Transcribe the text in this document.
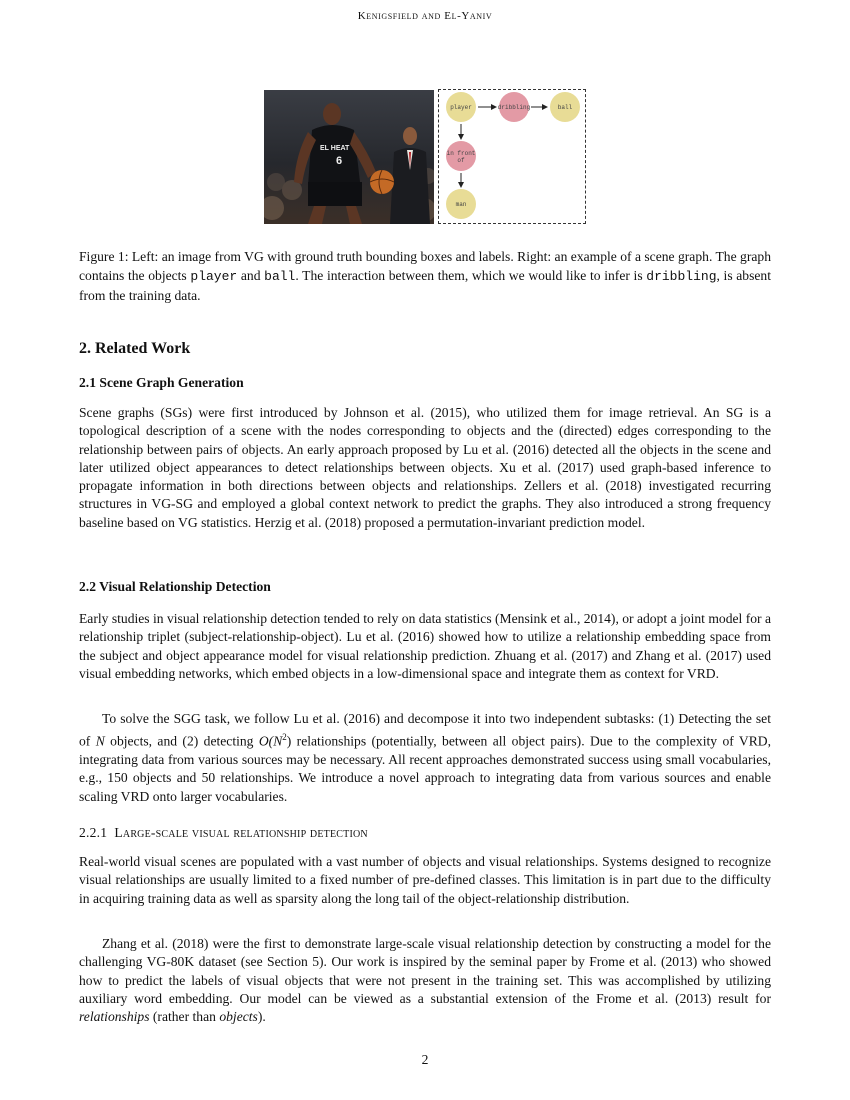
Kenigsfield and El-Yaniv
EL HEAT
6
player	dribbling	ball
in front
of
man
Figure 1: Left: an image from VG with ground truth bounding boxes and labels. Right: an example of a scene graph. The graph contains the objects player and ball. The interaction between them, which we would like to infer is dribbling, is absent from the training data.
2. Related Work
2.1 Scene Graph Generation

Scene graphs (SGs) were first introduced by Johnson et al. (2015), who utilized them for image retrieval. An SG is a topological description of a scene with the nodes corresponding to objects and the (directed) edges corresponding to the relationship between pairs of objects. An early approach proposed by Lu et al. (2016) detected all the objects in the scene and later utilized object appearances to detect relationships between objects. Xu et al. (2017) used graph-based inference to propagate information in both directions between objects and relationships. Zellers et al. (2018) investigated recurring structures in VG-SG and employed a global context network to predict the graphs. They also introduced a strong frequency baseline based on VG statistics. Herzig et al. (2018) proposed a permutation-invariant prediction model.

2.2 Visual Relationship Detection

Early studies in visual relationship detection tended to rely on data statistics (Mensink et al., 2014), or adopt a joint model for a relationship triplet (subject-relationship-object). Lu et al. (2016) showed how to utilize a relationship embedding space from the subject and object appearance model for visual relationship prediction. Zhuang et al. (2017) and Zhang et al. (2017) used visual embedding networks, which embed objects in a low-dimensional space and integrate them as context for VRD.

To solve the SGG task, we follow Lu et al. (2016) and decompose it into two independent subtasks: (1) Detecting the set of N objects, and (2) detecting $O(N^2)$ relationships (potentially, between all object pairs). Due to the complexity of VRD, integrating data from various sources may be necessary. All recent approaches demonstrated success using small vocabularies, e.g., 150 objects and 50 relationships. We introduce a novel approach to integrating data from various sources and enable scaling VRD onto larger vocabularies.

2.2.1 Large-scale visual relationship detection

Real-world visual scenes are populated with a vast number of objects and visual relationships. Systems designed to recognize visual relationships are usually limited to a fixed number of pre-defined classes. This limitation is in part due to the difficulty in acquiring training data as well as sparsity along the long tail of the object-relationship distribution.

Zhang et al. (2018) were the first to demonstrate large-scale visual relationship detection by constructing a model for the challenging VG-80K dataset (see Section 5). Our work is inspired by the seminal paper by Frome et al. (2013) who showed how to predict the labels of visual objects that were not present in the training set. This was accomplished by utilizing auxiliary word embedding. Our model can be viewed as a substantial extension of the Frome et al. (2013) result for relationships (rather than objects).

2
